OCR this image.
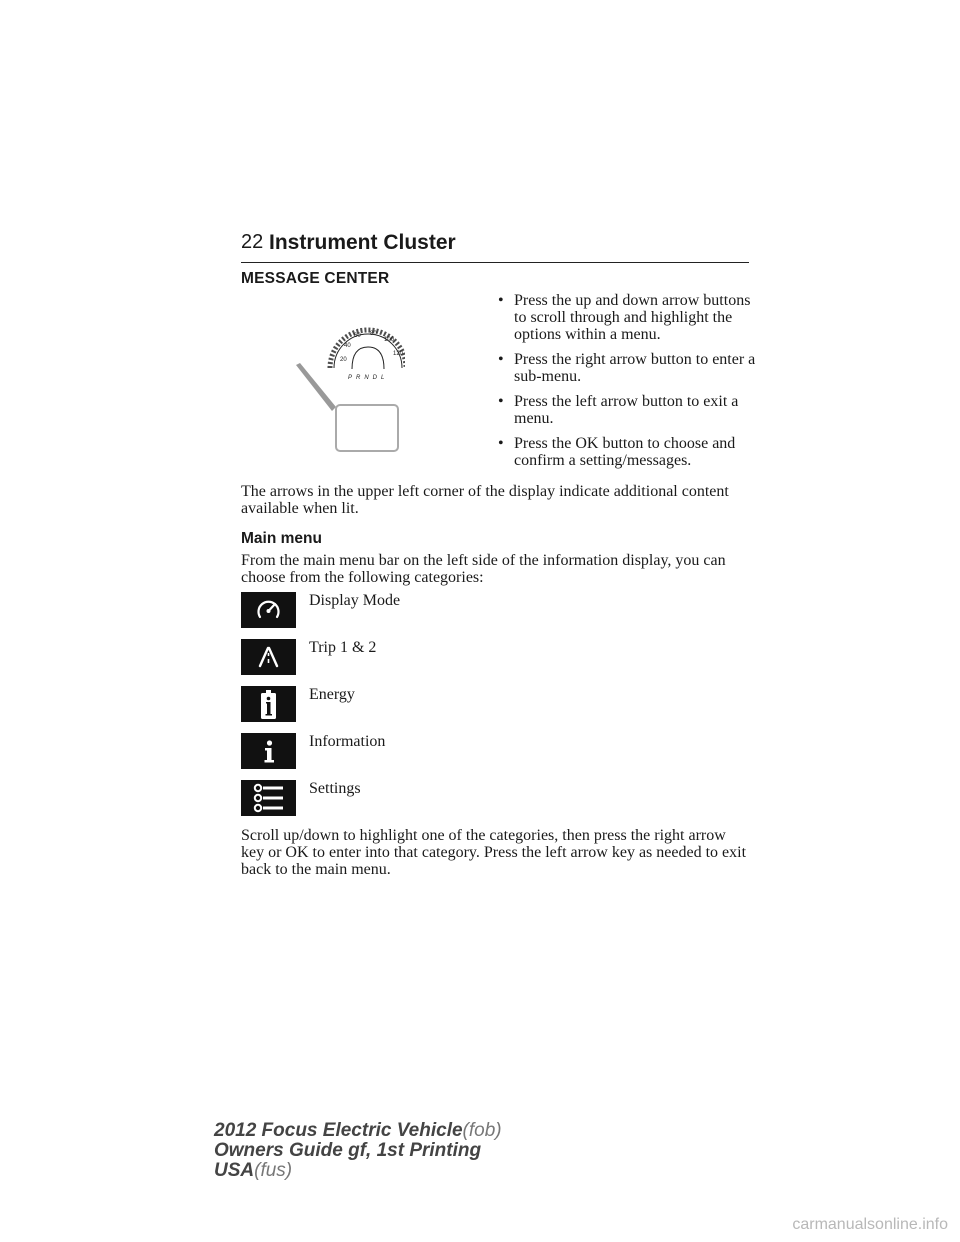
22 Instrument Cluster
MESSAGE CENTER
20
40
60 80
100
120
PRNDL
• Press the up and down arrow buttons to scroll through and highlight the options within a menu.
• Press the right arrow button to enter a sub-menu.
• Press the left arrow button to exit a menu.
• Press the OK button to choose and confirm a setting/messages.

The arrows in the upper left corner of the display indicate additional content available when lit.

Main menu

From the main menu bar on the left side of the information display, you can choose from the following categories:

Display Mode
Trip 1 & 2
Energy
Information
Settings

Scroll up/down to highlight one of the categories, then press the right arrow key or OK to enter into that category. Press the left arrow key as needed to exit back to the main menu.

2012 Focus Electric Vehicle(fob)
Owners Guide gf, 1st Printing
USA(fus)
carmanualsonline.info
